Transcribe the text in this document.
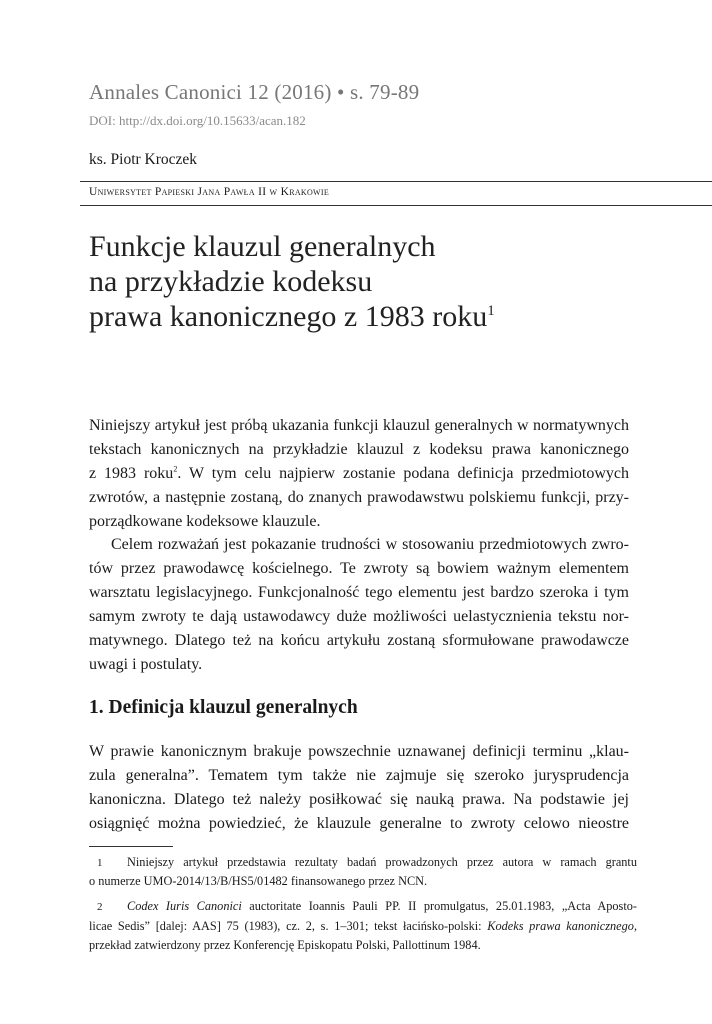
Annales Canonici 12 (2016) • s. 79-89
DOI: http://dx.doi.org/10.15633/acan.182
ks. Piotr Kroczek
Uniwersytet Papieski Jana Pawła II w Krakowie
Funkcje klauzul generalnych
na przykładzie kodeksu
prawa kanonicznego z 1983 roku$^1$
Niniejszy artykuł jest próbą ukazania funkcji klauzul generalnych w normatywnych
tekstach kanonicznych na przykładzie klauzul z kodeksu prawa kanonicznego
z 1983 roku$^2$. W tym celu najpierw zostanie podana definicja przedmiotowych
zwrotów, a następnie zostaną, do znanych prawodawstwu polskiemu funkcji, przy-
porządkowane kodeksowe klauzule.
Celem rozważań jest pokazanie trudności w stosowaniu przedmiotowych zwro-
tów przez prawodawcę kościelnego. Te zwroty są bowiem ważnym elementem
warsztatu legislacyjnego. Funkcjonalność tego elementu jest bardzo szeroka i tym
samym zwroty te dają ustawodawcy duże możliwości uelastycznienia tekstu nor-
matywnego. Dlatego też na końcu artykułu zostaną sformułowane prawodawcze
uwagi i postulaty.
1. Definicja klauzul generalnych
W prawie kanonicznym brakuje powszechnie uznawanej definicji terminu „klau-
zula generalna”. Tematem tym także nie zajmuje się szeroko jurysprudencja
kanoniczna. Dlatego też należy posiłkować się nauką prawa. Na podstawie jej
osiągnięć można powiedzieć, że klauzule generalne to zwroty celowo nieostre
1 Niniejszy artykuł przedstawia rezultaty badań prowadzonych przez autora w ramach grantu
o numerze UMO-2014/13/B/HS5/01482 finansowanego przez NCN.
2 Codex Iuris Canonici auctoritate Ioannis Pauli PP. II promulgatus, 25.01.1983, „Acta Aposto-
licae Sedis” [dalej: AAS] 75 (1983), cz. 2, s. 1–301; tekst łacińsko-polski: Kodeks prawa kanonicznego,
przekład zatwierdzony przez Konferencję Episkopatu Polski, Pallottinum 1984.
